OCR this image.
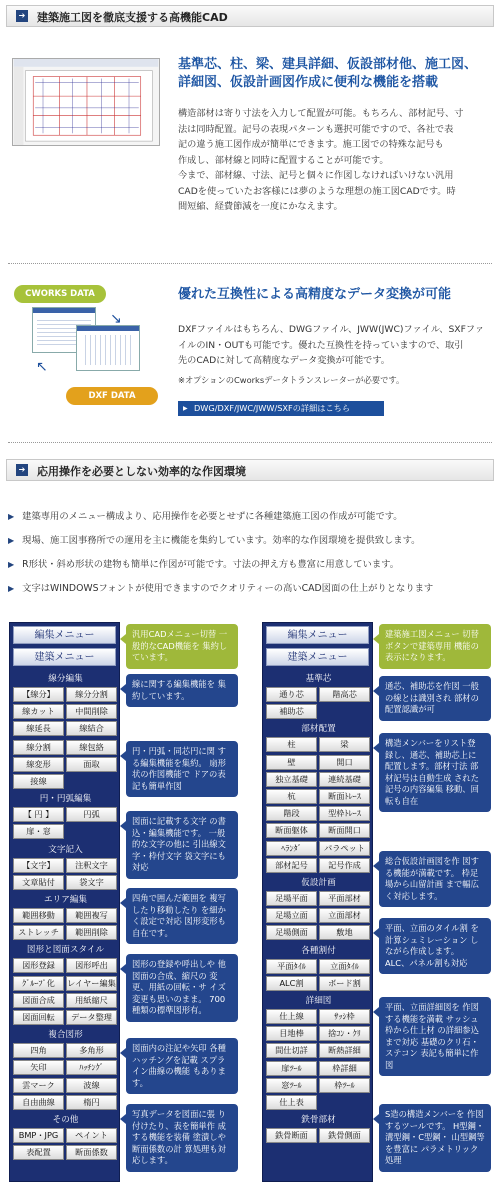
➔ 建築施工図を徹底支援する高機能CAD
基準芯、柱、梁、建具詳細、仮設部材他、施工図、
詳細図、仮設計画図作成に便利な機能を搭載
構造部材は寄り寸法を入力して配置が可能。もちろん、部材記号、寸
法は同時配置。記号の表現パターンも選択可能ですので、各社で表
記の違う施工図作成が簡単にできます。施工図での特殊な記号も
作成し、部材線と同時に配置することが可能です。
今まで、部材線、寸法、記号と個々に作図しなければいけない汎用
CADを使っていたお客様には夢のような理想の施工図CADです。時
間短縮、経費節減を一度にかなえます。
CWORKS DATA
↘
↖
DXF DATA
優れた互換性による高精度なデータ変換が可能
DXFファイルはもちろん、DWGファイル、JWW(JWC)ファイル、SXFファ
イルのIN・OUTも可能です。優れた互換性を持っていますので、取引
先のCADに対して高精度なデータ変換が可能です。
※オプションのCworksデータトランスレーターが必要です。
▶ DWG/DXF/JWC/JWW/SXFの詳細はこちら
➔ 応用操作を必要としない効率的な作図環境
▶ 建築専用のメニュー構成より、応用操作を必要とせずに各種建築施工図の作成が可能です。
▶ 現場、施工図事務所での運用を主に機能を集約しています。効率的な作図環境を提供致します。
▶ R形状・斜め形状の建物も簡単に作図が可能です。寸法の押え方も豊富に用意しています。
▶ 文字はWINDOWSフォントが使用できますのでクオリティーの高いCAD図面の仕上がりとなります
編集メニュー
建築メニュー
線分編集
【線分】	線分分割
線カット	中間削除
線延長	線結合
線分割	線包絡
線変形	面取
接線
円・円弧編集
【 円 】	円弧
扉・窓
文字記入
【文字】	注釈文字
文章貼付	袋文字
エリア編集
範囲移動	範囲複写
ストレッチ	範囲削除
図形と図面スタイル
図形登録	図形呼出
ｸﾞﾙｰﾌﾟ化	レイヤー編集
図面合成	用紙縮尺
図面回転	データ整理
複合図形
四角	多角形
矢印	ﾊｯﾁﾝｸﾞ
雲マーク	波線
自由曲線	楕円
その他
BMP・JPG	ペイント
表配置	断面係数
編集メニュー
建築メニュー
基準芯
通り芯	階高芯
補助芯
部材配置
柱	梁
壁	開口
独立基礎	連続基礎
杭	断面ﾄﾚｰｽ
階段	型枠ﾄﾚｰｽ
断面躯体	断面開口
ﾍﾗﾝﾀﾞ	パラペット
部材記号	記号作成
仮設計画
足場平面	平面部材
足場立面	立面部材
足場側面	敷地
各種割付
平面ﾀｲﾙ	立面ﾀｲﾙ
ALC割	ボード割
詳細図
仕上線	ｻｯｼ枠
目地棒	捨ｺﾝ・ｸﾘ
間仕切詳	断熱詳細
扉ﾂｰﾙ	枠詳細
窓ﾂｰﾙ	枠ﾂｰﾙ
仕上表
鉄骨部材
鉄骨断面	鉄骨側面
汎用CADメニュー切替 一般的なCAD機能を 集約しています。
線に関する編集機能を 集約しています。
円・円弧・同芯円に関 する編集機能を集約。 扇形状の作図機能で ドアの表記も簡単作図
図面に記載する文字 の書込・編集機能です。 一般的な文字の他に 引出線文字・枠付文字 袋文字にも対応
四角で囲んだ範囲を 複写したり移動したり を細かく設定で対応 図形変形も自在です。
図形の登録や呼出しや 他図面の合成、縮尺の 変更、用紙の回転・サ イズ変更も思いのまま。 700種類の標準図形有。
図面内の注記や矢印 各種ハッチングを記載 スプライン曲線の機能 もあります。
写真データを図面に張 り付けたり、表を簡単作 成する機能を装備 塗潰しや断面係数の計 算処理も対応します。
建築施工図メニュー 切替ボタンで建築専用 機能の表示になります。
通芯、補助芯を作図 一般の線とは識別され 部材の配置認識が可
構造メンバーをリスト登 録し、通芯、補助芯上に 配置します。部材寸法 部材記号は自動生成 された記号の内容編集 移動、回転も自在
総合仮設計画図を作 図する機能が満載です。 枠足場から山留計画 まで幅広く対応します。
平面、立面のタイル割 を計算シュミレーション しながら作成します。 ALC、パネル割も対応
平面、立面詳細図を 作図する機能を満載 サッシュ枠から仕上材 の詳細参込まで対応 基礎のクリ石・ステコン 表記も簡単に作図
S造の構造メンバーを 作図するツールです。 H型鋼・溝型鋼・C型鋼・ 山型鋼等を豊富に パラメトリック処理
